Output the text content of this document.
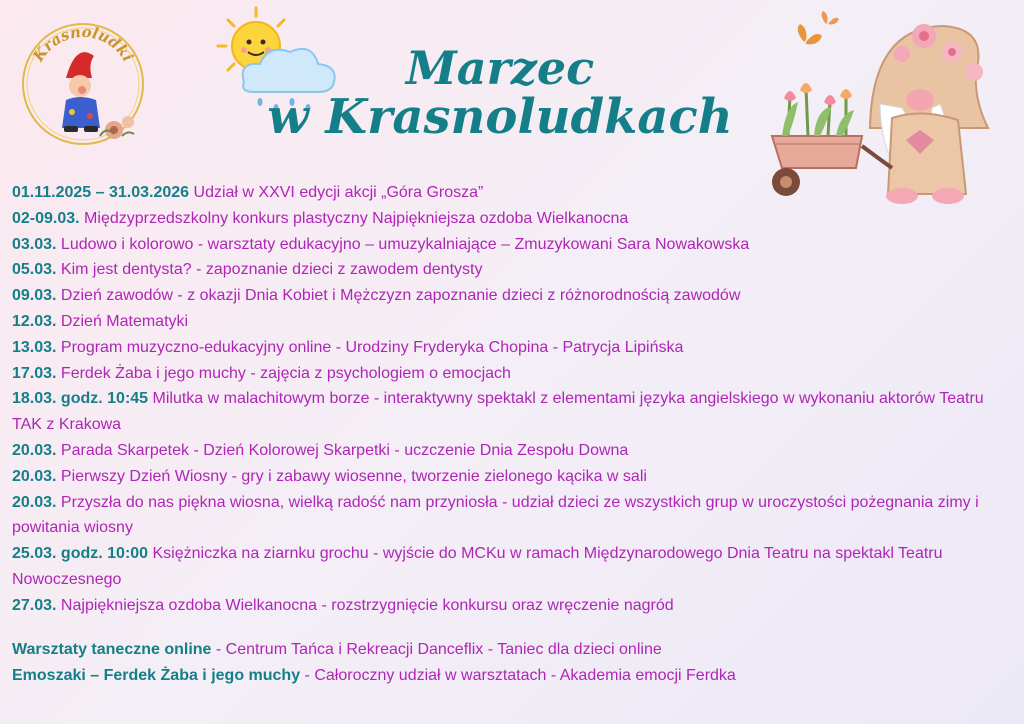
Krasnoludki	Marzec
w Krasnoludkach
01.11.2025 – 31.03.2026 Udział w XXVI edycji akcji „Góra Grosza”
02-09.03. Międzyprzedszkolny konkurs plastyczny Najpiękniejsza ozdoba Wielkanocna
03.03. Ludowo i kolorowo - warsztaty edukacyjno – umuzykalniające – Zmuzykowani Sara Nowakowska
05.03. Kim jest dentysta? - zapoznanie dzieci z zawodem dentysty
09.03. Dzień zawodów - z okazji Dnia Kobiet i Mężczyzn zapoznanie dzieci z różnorodnością zawodów
12.03. Dzień Matematyki
13.03. Program muzyczno-edukacyjny online - Urodziny Fryderyka Chopina - Patrycja Lipińska
17.03. Ferdek Żaba i jego muchy - zajęcia z psychologiem o emocjach
18.03. godz. 10:45 Milutka w malachitowym borze - interaktywny spektakl z elementami języka angielskiego w wykonaniu aktorów Teatru TAK z Krakowa
20.03. Parada Skarpetek - Dzień Kolorowej Skarpetki - uczczenie Dnia Zespołu Downa
20.03. Pierwszy Dzień Wiosny - gry i zabawy wiosenne, tworzenie zielonego kącika w sali
20.03. Przyszła do nas piękna wiosna, wielką radość nam przyniosła - udział dzieci ze wszystkich grup w uroczystości pożegnania zimy i powitania wiosny
25.03. godz. 10:00 Księżniczka na ziarnku grochu - wyjście do MCKu w ramach Międzynarodowego Dnia Teatru na spektakl Teatru Nowoczesnego
27.03. Najpiękniejsza ozdoba Wielkanocna - rozstrzygnięcie konkursu oraz wręczenie nagród
Warsztaty taneczne online - Centrum Tańca i Rekreacji Danceflix - Taniec dla dzieci online
Emoszaki – Ferdek Żaba i jego muchy - Całoroczny udział w warsztatach - Akademia emocji Ferdka
